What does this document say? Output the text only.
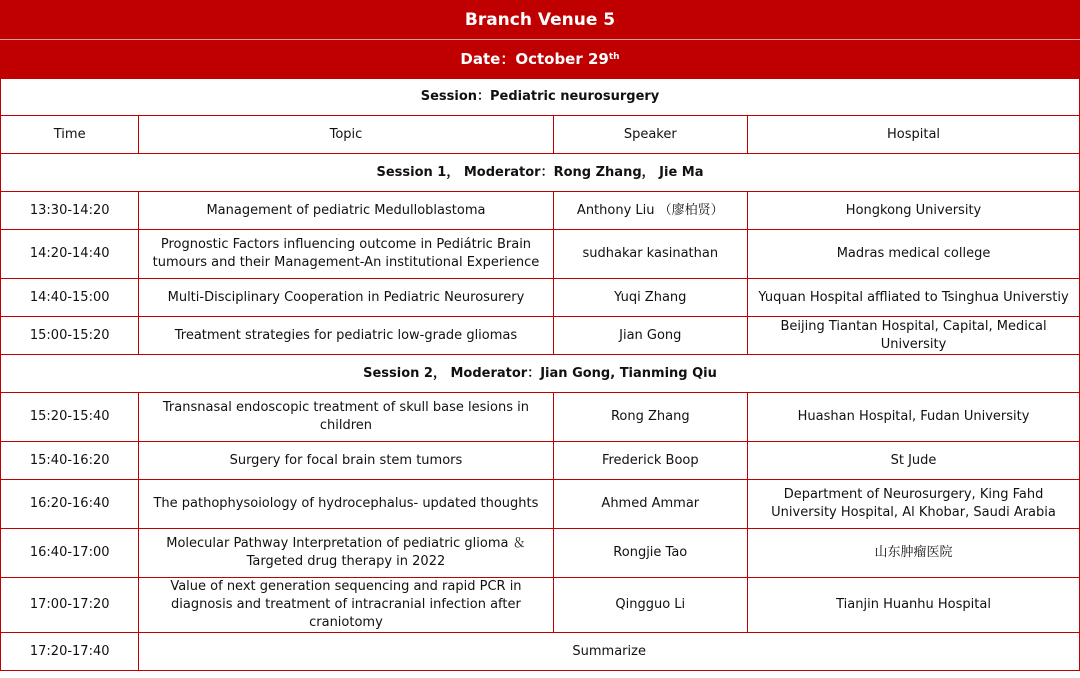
Branch Venue 5
Date：October 29th
Session：Pediatric neurosurgery			
Time	Topic	Speaker	Hospital
Session 1， Moderator：Rong Zhang， Jie Ma			
13:30-14:20	Management of pediatric Medulloblastoma	Anthony Liu （廖柏贤）	Hongkong University
14:20-14:40	Prognostic Factors influencing outcome in Pediátric Brain tumours and their Management-An institutional Experience	sudhakar kasinathan	Madras medical college
14:40-15:00	Multi-Disciplinary Cooperation in Pediatric Neurosurery	Yuqi Zhang	Yuquan Hospital affliated to Tsinghua Universtiy
15:00-15:20	Treatment strategies for pediatric low-grade gliomas	Jian Gong	Beijing Tiantan Hospital, Capital, Medical University
Session 2， Moderator：Jian Gong, Tianming Qiu			
15:20-15:40	Transnasal endoscopic treatment of skull base lesions in children	Rong Zhang	Huashan Hospital, Fudan University
15:40-16:20	Surgery for focal brain stem tumors	Frederick Boop	St Jude
16:20-16:40	The pathophysoiology of hydrocephalus- updated thoughts	Ahmed Ammar	Department of Neurosurgery, King Fahd University Hospital, Al Khobar, Saudi Arabia
16:40-17:00	Molecular Pathway Interpretation of pediatric glioma ＆ Targeted drug therapy in 2022	Rongjie Tao	山东肿瘤医院
17:00-17:20	Value of next generation sequencing and rapid PCR in diagnosis and treatment of intracranial infection after craniotomy	Qingguo Li	Tianjin Huanhu Hospital
17:20-17:40	Summarize		
